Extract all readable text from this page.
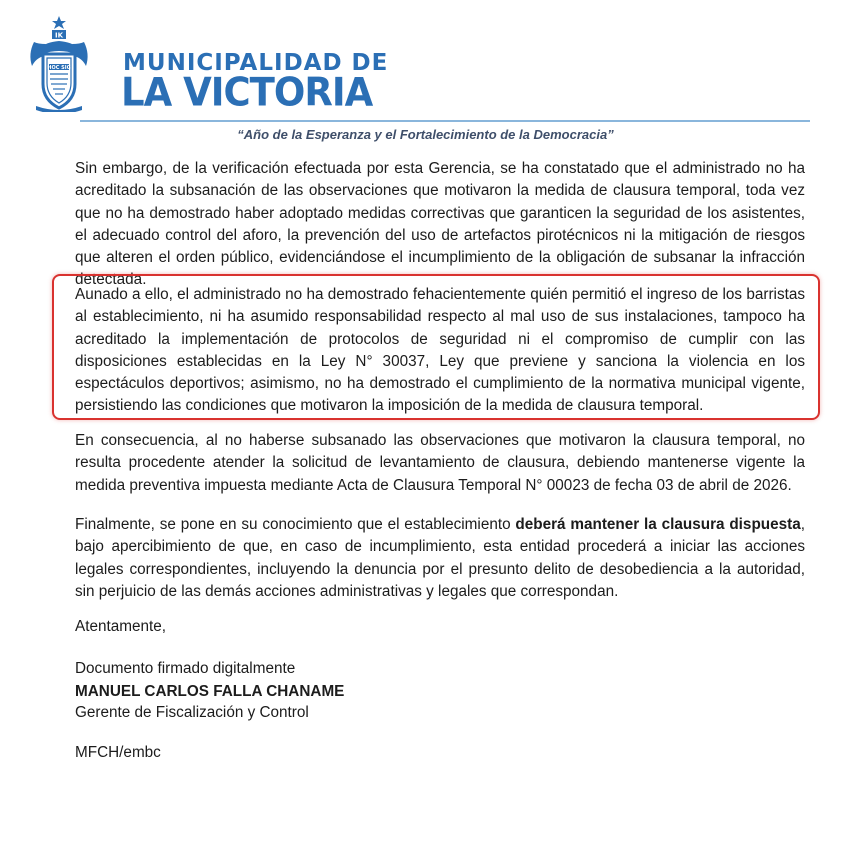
IK
HOC SIG MUNICIPALIDAD DE
LA VICTORIA
“Año de la Esperanza y el Fortalecimiento de la Democracia”

Sin embargo, de la verificación efectuada por esta Gerencia, se ha constatado que el administrado no ha acreditado la subsanación de las observaciones que motivaron la medida de clausura temporal, toda vez que no ha demostrado haber adoptado medidas correctivas que garanticen la seguridad de los asistentes, el adecuado control del aforo, la prevención del uso de artefactos pirotécnicos ni la mitigación de riesgos que alteren el orden público, evidenciándose el incumplimiento de la obligación de subsanar la infracción detectada.

Aunado a ello, el administrado no ha demostrado fehacientemente quién permitió el ingreso de los barristas al establecimiento, ni ha asumido responsabilidad respecto al mal uso de sus instalaciones, tampoco ha acreditado la implementación de protocolos de seguridad ni el compromiso de cumplir con las disposiciones establecidas en la Ley N° 30037, Ley que previene y sanciona la violencia en los espectáculos deportivos; asimismo, no ha demostrado el cumplimiento de la normativa municipal vigente, persistiendo las condiciones que motivaron la imposición de la medida de clausura temporal.

En consecuencia, al no haberse subsanado las observaciones que motivaron la clausura temporal, no resulta procedente atender la solicitud de levantamiento de clausura, debiendo mantenerse vigente la medida preventiva impuesta mediante Acta de Clausura Temporal N° 00023 de fecha 03 de abril de 2026.

Finalmente, se pone en su conocimiento que el establecimiento deberá mantener la clausura dispuesta, bajo apercibimiento de que, en caso de incumplimiento, esta entidad procederá a iniciar las acciones legales correspondientes, incluyendo la denuncia por el presunto delito de desobediencia a la autoridad, sin perjuicio de las demás acciones administrativas y legales que correspondan.

Atentamente,
Documento firmado digitalmente
MANUEL CARLOS FALLA CHANAME
Gerente de Fiscalización y Control
MFCH/embc
